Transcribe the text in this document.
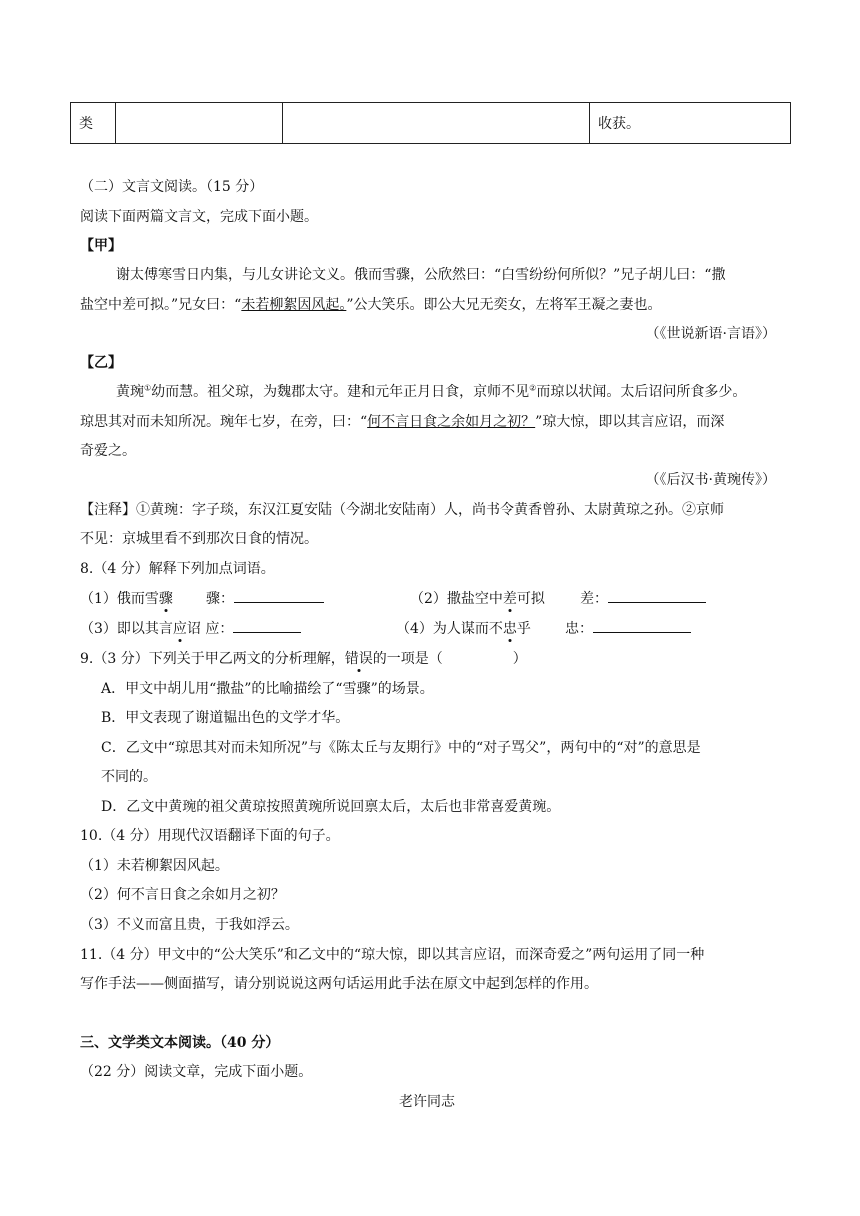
类			收获。
（二）文言文阅读。（15 分）
阅读下面两篇文言文，完成下面小题。
【甲】
谢太傅寒雪日内集，与儿女讲论文义。俄而雪骤，公欣然曰：“白雪纷纷何所似？”兄子胡儿曰：“撒
盐空中差可拟。”兄女曰：“未若柳絮因风起。”公大笑乐。即公大兄无奕女，左将军王凝之妻也。
（《世说新语·言语》）
【乙】
黄琬①幼而慧。祖父琼，为魏郡太守。建和元年正月日食，京师不见②而琼以状闻。太后诏问所食多少。
琼思其对而未知所况。琬年七岁，在旁，曰：“何不言日食之余如月之初？”琼大惊，即以其言应诏，而深
奇爱之。
（《后汉书·黄琬传》）
【注释】①黄琬：字子琰，东汉江夏安陆（今湖北安陆南）人，尚书令黄香曾孙、太尉黄琼之孙。②京师
不见：京城里看不到那次日食的情况。
8.（4 分）解释下列加点词语。
（1）俄而雪骤 骤：	（2）撒盐空中差可拟	差：
（3）即以其言应诏 应：	（4）为人谋而不忠乎 忠：
9.（3 分）下列关于甲乙两文的分析理解，错误的一项是（	）
A．甲文中胡儿用“撒盐”的比喻描绘了“雪骤”的场景。
B．甲文表现了谢道韫出色的文学才华。
C．乙文中“琼思其对而未知所况”与《陈太丘与友期行》中的“对子骂父”，两句中的“对”的意思是
不同的。
D．乙文中黄琬的祖父黄琼按照黄琬所说回禀太后，太后也非常喜爱黄琬。
10.（4 分）用现代汉语翻译下面的句子。
（1）未若柳絮因风起。
（2）何不言日食之余如月之初？
（3）不义而富且贵，于我如浮云。
11.（4 分）甲文中的“公大笑乐”和乙文中的“琼大惊，即以其言应诏，而深奇爱之”两句运用了同一种
写作手法——侧面描写，请分别说说这两句话运用此手法在原文中起到怎样的作用。
三、文学类文本阅读。（40 分）
（22 分）阅读文章，完成下面小题。
老许同志
